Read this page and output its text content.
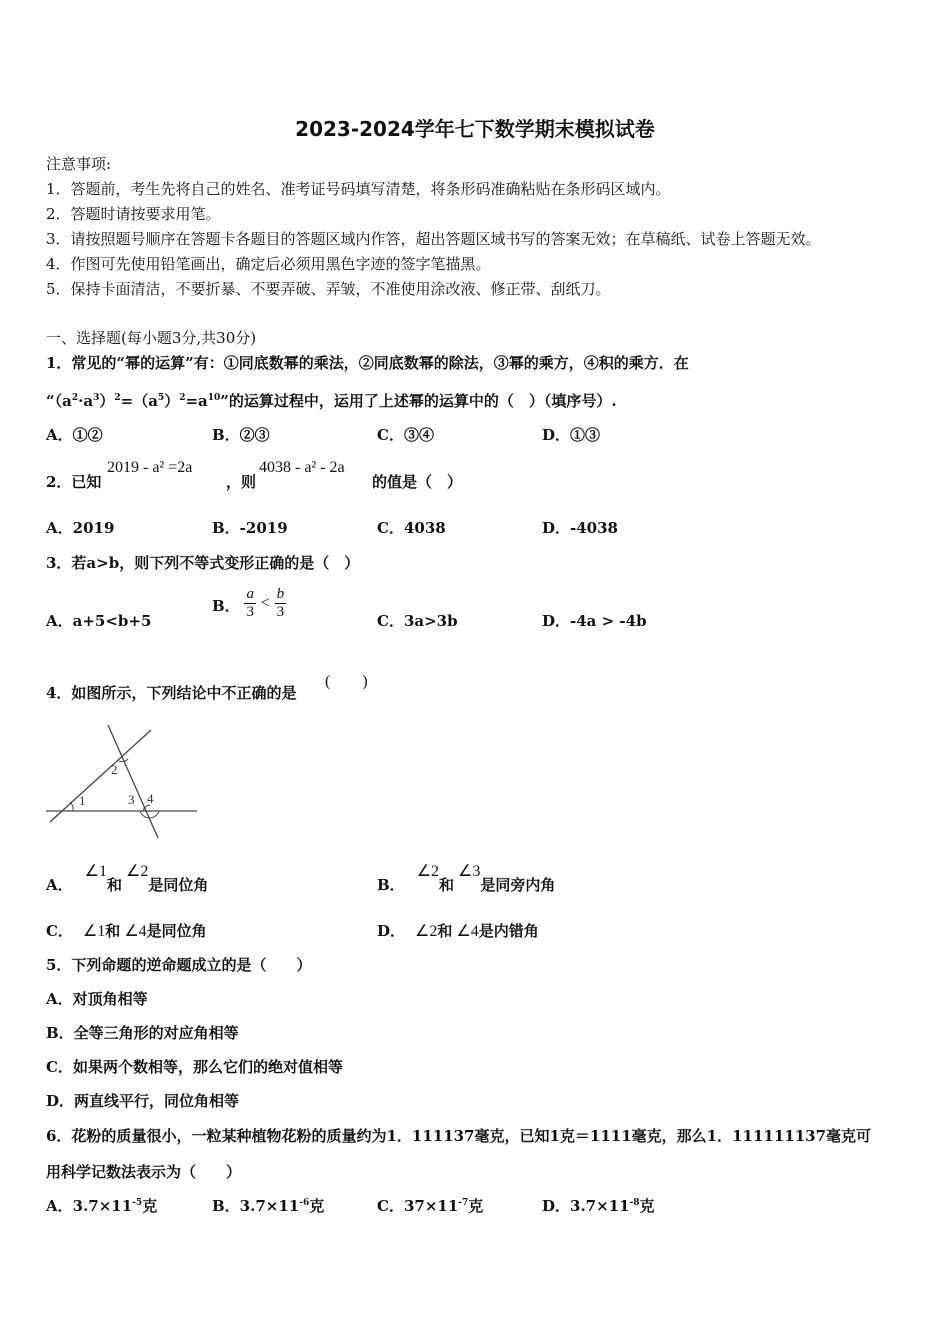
2023-2024学年七下数学期末模拟试卷
注意事项:
1．答题前，考生先将自己的姓名、准考证号码填写清楚，将条形码准确粘贴在条形码区域内。
2．答题时请按要求用笔。
3．请按照题号顺序在答题卡各题目的答题区域内作答，超出答题区域书写的答案无效；在草稿纸、试卷上答题无效。
4．作图可先使用铅笔画出，确定后必须用黑色字迹的签字笔描黑。
5．保持卡面清洁，不要折暴、不要弄破、弄皱，不准使用涂改液、修正带、刮纸刀。
一、选择题(每小题3分,共30分)
1．常见的“幂的运算”有：①同底数幂的乘法，②同底数幂的除法，③幂的乘方，④积的乘方．在
“$(a^2\cdot a^3)^2=(a^5)^2=a^{10}$”的运算过程中，运用了上述幂的运算中的（　）（填序号）.
A．①②	B．②③	C．③④	D．①③
2．已知
2019 - a² =2a
，则
4038 - a² - 2a
的值是（　）
A．2019	B．-2019	C．4038	D．-4038
3．若a>b，则下列不等式变形正确的是（　）
A．a+5<b+5
B． $\frac{a}{3} < \frac{b}{3}$	C．3a>3b	D．-4a > -4b
4．如图所示，下列结论中不正确的是
(　　)
1
2
3 4
A．∠1和∠2是同位角	B．∠2和∠3是同旁内角
C． ∠1和 ∠4是同位角	D． ∠2和 ∠4是内错角
5．下列命题的逆命题成立的是（　　）
A．对顶角相等
B．全等三角形的对应角相等
C．如果两个数相等，那么它们的绝对值相等
D．两直线平行，同位角相等
6．花粉的质量很小，一粒某种植物花粉的质量约为1．111137毫克，已知1克＝1111毫克，那么1．111111137毫克可
用科学记数法表示为（　　）
A．$3.7\times 11^{-5}$克	B．$3.7\times 11^{-6}$克	C．$37\times 11^{-7}$克	D．$3.7\times 11^{-8}$克
